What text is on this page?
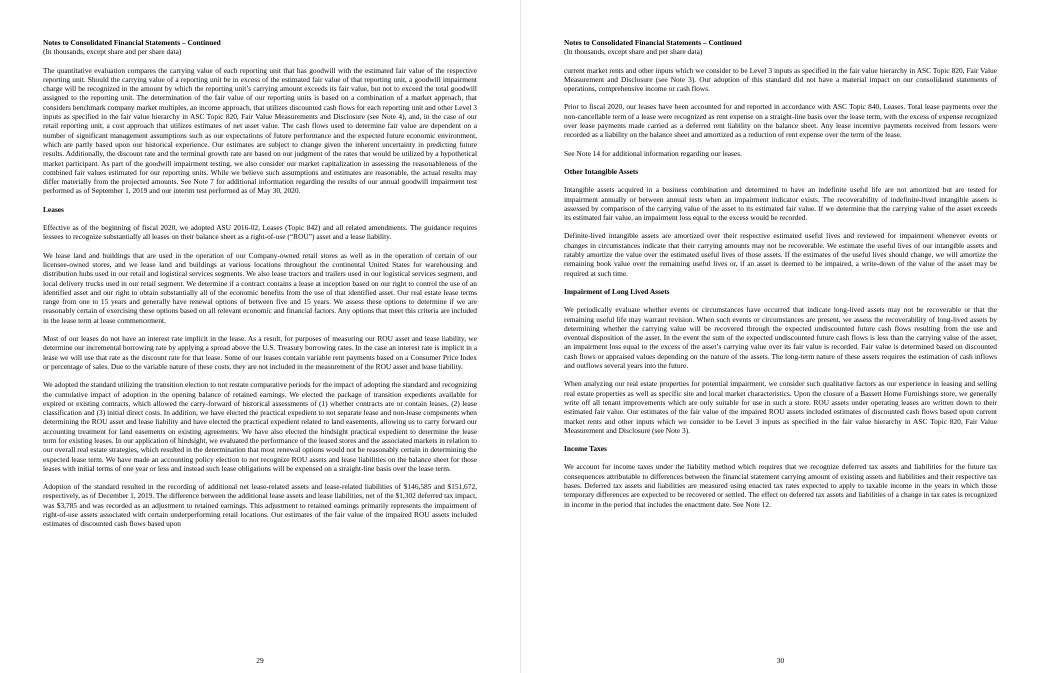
Notes to Consolidated Financial Statements – Continued
(In thousands, except share and per share data)
The quantitative evaluation compares the carrying value of each reporting unit that has goodwill with the estimated fair value of the respective reporting unit. Should the carrying value of a reporting unit be in excess of the estimated fair value of that reporting unit, a goodwill impairment charge will be recognized in the amount by which the reporting unit’s carrying amount exceeds its fair value, but not to exceed the total goodwill assigned to the reporting unit. The determination of the fair value of our reporting units is based on a combination of a market approach, that considers benchmark company market multiples, an income approach, that utilizes discounted cash flows for each reporting unit and other Level 3 inputs as specified in the fair value hierarchy in ASC Topic 820, Fair Value Measurements and Disclosure (see Note 4), and, in the case of our retail reporting unit, a cost approach that utilizes estimates of net asset value. The cash flows used to determine fair value are dependent on a number of significant management assumptions such as our expectations of future performance and the expected future economic environment, which are partly based upon our historical experience. Our estimates are subject to change given the inherent uncertainty in predicting future results. Additionally, the discount rate and the terminal growth rate are based on our judgment of the rates that would be utilized by a hypothetical market participant. As part of the goodwill impairment testing, we also consider our market capitalization in assessing the reasonableness of the combined fair values estimated for our reporting units. While we believe such assumptions and estimates are reasonable, the actual results may differ materially from the projected amounts. See Note 7 for additional information regarding the results of our annual goodwill impairment test performed as of September 1, 2019 and our interim test performed as of May 30, 2020.
Leases
Effective as of the beginning of fiscal 2020, we adopted ASU 2016-02, Leases (Topic 842) and all related amendments. The guidance requires lessees to recognize substantially all leases on their balance sheet as a right-of-use (“ROU”) asset and a lease liability.
We lease land and buildings that are used in the operation of our Company-owned retail stores as well as in the operation of certain of our licensee-owned stores, and we lease land and buildings at various locations throughout the continental United States for warehousing and distribution hubs used in our retail and logistical services segments. We also lease tractors and trailers used in our logistical services segment, and local delivery trucks used in our retail segment. We determine if a contract contains a lease at inception based on our right to control the use of an identified asset and our right to obtain substantially all of the economic benefits from the use of that identified asset. Our real estate lease terms range from one to 15 years and generally have renewal options of between five and 15 years. We assess these options to determine if we are reasonably certain of exercising these options based on all relevant economic and financial factors. Any options that meet this criteria are included in the lease term at lease commencement.
Most of our leases do not have an interest rate implicit in the lease. As a result, for purposes of measuring our ROU asset and lease liability, we determine our incremental borrowing rate by applying a spread above the U.S. Treasury borrowing rates. In the case an interest rate is implicit in a lease we will use that rate as the discount rate for that lease. Some of our leases contain variable rent payments based on a Consumer Price Index or percentage of sales. Due to the variable nature of these costs, they are not included in the measurement of the ROU asset and lease liability.
We adopted the standard utilizing the transition election to not restate comparative periods for the impact of adopting the standard and recognizing the cumulative impact of adoption in the opening balance of retained earnings. We elected the package of transition expedients available for expired or existing contracts, which allowed the carry-forward of historical assessments of (1) whether contracts are or contain leases, (2) lease classification and (3) initial direct costs. In addition, we have elected the practical expedient to not separate lease and non-lease components when determining the ROU asset and lease liability and have elected the practical expedient related to land easements, allowing us to carry forward our accounting treatment for land easements on existing agreements. We have also elected the hindsight practical expedient to determine the lease term for existing leases. In our application of hindsight, we evaluated the performance of the leased stores and the associated markets in relation to our overall real estate strategies, which resulted in the determination that most renewal options would not be reasonably certain in determining the expected lease term. We have made an accounting policy election to not recognize ROU assets and lease liabilities on the balance sheet for those leases with initial terms of one year or less and instead such lease obligations will be expensed on a straight-line basis over the lease term.
Adoption of the standard resulted in the recording of additional net lease-related assets and lease-related liabilities of $146,585 and $151,672, respectively, as of December 1, 2019. The difference between the additional lease assets and lease liabilities, net of the $1,302 deferred tax impact, was $3,785 and was recorded as an adjustment to retained earnings. This adjustment to retained earnings primarily represents the impairment of right-of-use assets associated with certain underperforming retail locations. Our estimates of the fair value of the impaired ROU assets included estimates of discounted cash flows based upon
29
Notes to Consolidated Financial Statements – Continued
(In thousands, except share and per share data)
current market rents and other inputs which we consider to be Level 3 inputs as specified in the fair value hierarchy in ASC Topic 820, Fair Value Measurement and Disclosure (see Note 3). Our adoption of this standard did not have a material impact on our consolidated statements of operations, comprehensive income or cash flows.
Prior to fiscal 2020, our leases have been accounted for and reported in accordance with ASC Topic 840, Leases. Total lease payments over the non-cancellable term of a lease were recognized as rent expense on a straight-line basis over the lease term, with the excess of expense recognized over lease payments made carried as a deferred rent liability on the balance sheet. Any lease incentive payments received from lessors were recorded as a liability on the balance sheet and amortized as a reduction of rent expense over the term of the lease.
See Note 14 for additional information regarding our leases.
Other Intangible Assets
Intangible assets acquired in a business combination and determined to have an indefinite useful life are not amortized but are tested for impairment annually or between annual tests when an impairment indicator exists. The recoverability of indefinite-lived intangible assets is assessed by comparison of the carrying value of the asset to its estimated fair value. If we determine that the carrying value of the asset exceeds its estimated fair value, an impairment loss equal to the excess would be recorded.
Definite-lived intangible assets are amortized over their respective estimated useful lives and reviewed for impairment whenever events or changes in circumstances indicate that their carrying amounts may not be recoverable. We estimate the useful lives of our intangible assets and ratably amortize the value over the estimated useful lives of those assets. If the estimates of the useful lives should change, we will amortize the remaining book value over the remaining useful lives or, if an asset is deemed to be impaired, a write-down of the value of the asset may be required at such time.
Impairment of Long Lived Assets
We periodically evaluate whether events or circumstances have occurred that indicate long-lived assets may not be recoverable or that the remaining useful life may warrant revision. When such events or circumstances are present, we assess the recoverability of long-lived assets by determining whether the carrying value will be recovered through the expected undiscounted future cash flows resulting from the use and eventual disposition of the asset. In the event the sum of the expected undiscounted future cash flows is less than the carrying value of the asset, an impairment loss equal to the excess of the asset’s carrying value over its fair value is recorded. Fair value is determined based on discounted cash flows or appraised values depending on the nature of the assets. The long-term nature of these assets requires the estimation of cash inflows and outflows several years into the future.
When analyzing our real estate properties for potential impairment, we consider such qualitative factors as our experience in leasing and selling real estate properties as well as specific site and local market characteristics. Upon the closure of a Bassett Home Furnishings store, we generally write off all tenant improvements which are only suitable for use in such a store. ROU assets under operating leases are written down to their estimated fair value. Our estimates of the fair value of the impaired ROU assets included estimates of discounted cash flows based upon current market rents and other inputs which we consider to be Level 3 inputs as specified in the fair value hierarchy in ASC Topic 820, Fair Value Measurement and Disclosure (see Note 3).
Income Taxes
We account for income taxes under the liability method which requires that we recognize deferred tax assets and liabilities for the future tax consequences attributable to differences between the financial statement carrying amount of existing assets and liabilities and their respective tax bases. Deferred tax assets and liabilities are measured using enacted tax rates expected to apply to taxable income in the years in which those temporary differences are expected to be recovered or settled. The effect on deferred tax assets and liabilities of a change in tax rates is recognized in income in the period that includes the enactment date. See Note 12.
30
